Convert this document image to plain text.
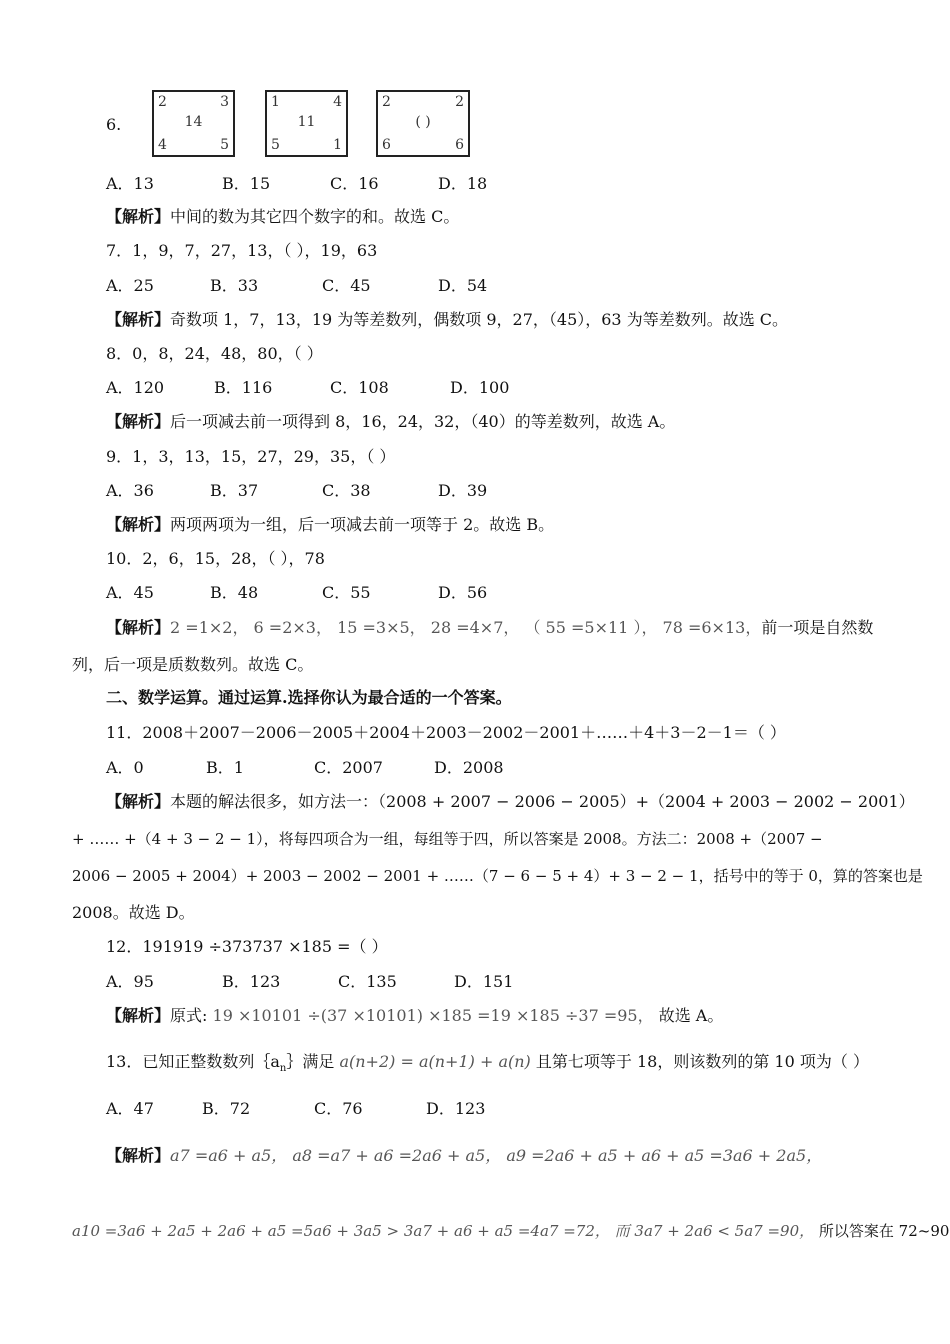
6.
2	3
14
4	5
1	4
11
5	1
2	2
( )
6	6
A．13	B．15	C．16	D．18
【解析】中间的数为其它四个数字的和。故选 C。
7．1，9，7，27，13，（ ），19，63
A．25	B．33	C．45	D．54
【解析】奇数项 1，7，13，19 为等差数列，偶数项 9，27，（45），63 为等差数列。故选 C。
8．0，8，24，48，80，（ ）
A．120	B．116	C．108	D．100
【解析】后一项减去前一项得到 8，16，24，32，（40）的等差数列，故选 A。
9．1，3，13，15，27，29，35，（ ）
A．36	B．37	C．38	D．39
【解析】两项两项为一组，后一项减去前一项等于 2。故选 B。
10．2，6，15，28，（ ），78
A．45	B．48	C．55	D．56
【解析】2 =1×2， 6 =2×3， 15 =3×5， 28 =4×7， （ 55 =5×11 ）， 78 =6×13，前一项是自然数
列，后一项是质数数列。故选 C。
二、数学运算。通过运算.选择你认为最合适的一个答案。
11．2008＋2007－2006－2005＋2004＋2003－2002－2001＋……＋4＋3－2－1＝（ ）
A．0	B．1	C．2007	D．2008
【解析】本题的解法很多，如方法一：（2008 + 2007 − 2006 − 2005）+（2004 + 2003 − 2002 − 2001）
+ …… +（4 + 3 − 2 − 1），将每四项合为一组，每组等于四，所以答案是 2008。方法二：2008 +（2007 −
2006 − 2005 + 2004）+ 2003 − 2002 − 2001 + ……（7 − 6 − 5 + 4）+ 3 − 2 − 1，括号中的等于 0，算的答案也是
2008。故选 D。
12．191919 ÷373737 ×185 =（ ）
A．95	B．123	C．135	D．151
【解析】原式: 19 ×10101 ÷(37 ×10101) ×185 =19 ×185 ÷37 =95， 故选 A。
13．已知正整数数列$\{a_n\}$满足 a(n+2) = a(n+1) + a(n) 且第七项等于 18，则该数列的第 10 项为（ ）
A．47	B．72	C．76	D．123
【解析】a7 =a6 + a5， a8 =a7 + a6 =2a6 + a5， a9 =2a6 + a5 + a6 + a5 =3a6 + 2a5，
a10 =3a6 + 2a5 + 2a6 + a5 =5a6 + 3a5 > 3a7 + a6 + a5 =4a7 =72， 而 3a7 + 2a6 < 5a7 =90， 所以答案在 72~90
